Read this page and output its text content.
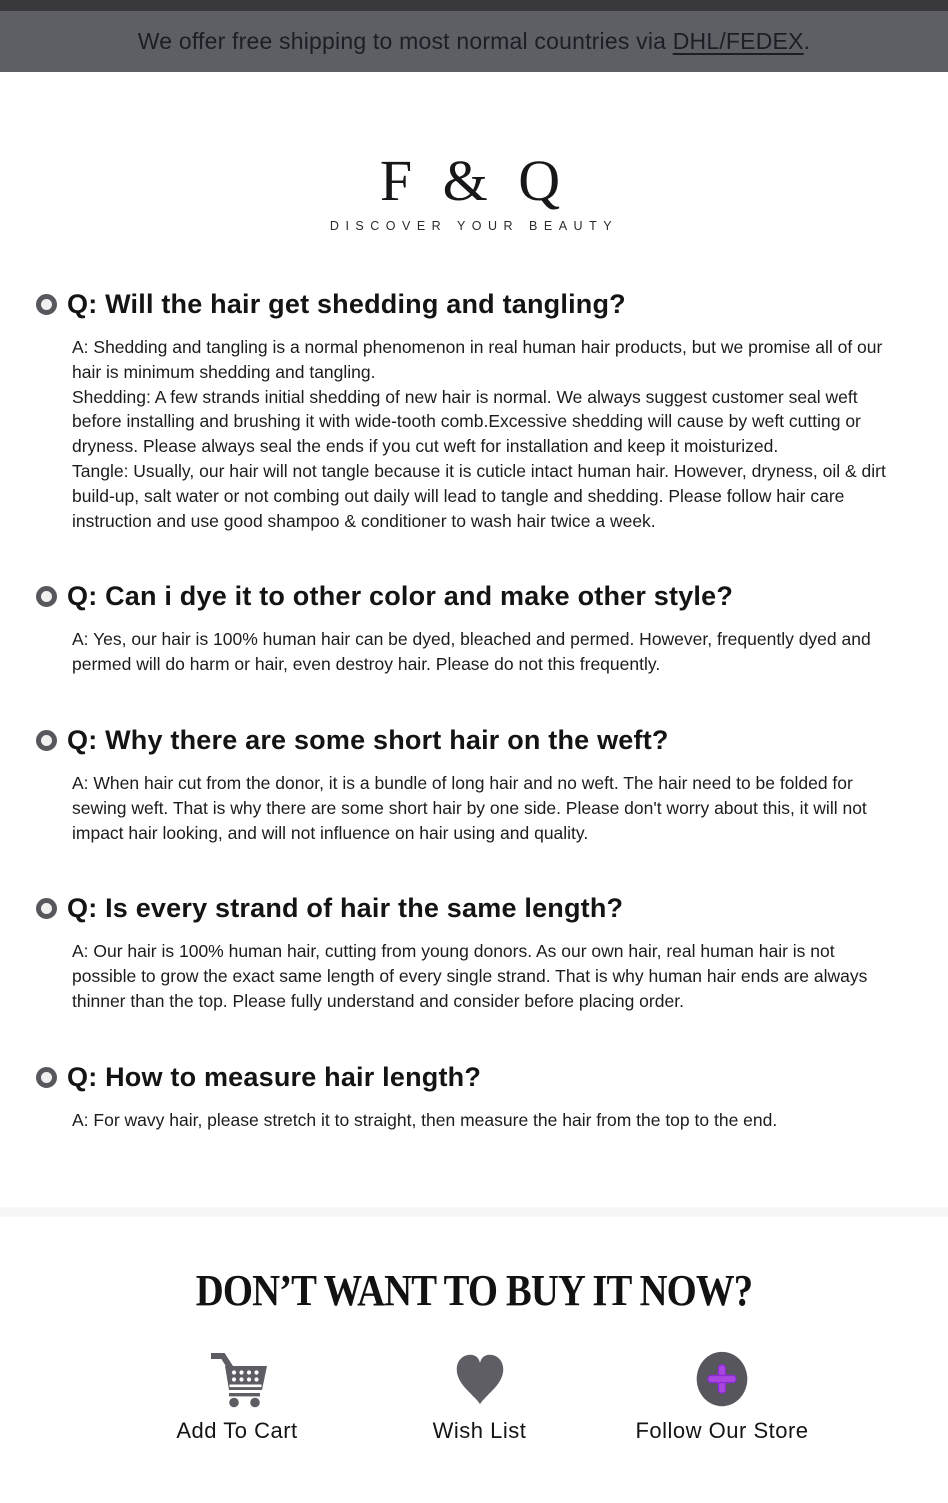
We offer free shipping to most normal countries via DHL/FEDEX.
F & Q
DISCOVER YOUR BEAUTY
Q: Will the hair get shedding and tangling?

A: Shedding and tangling is a normal phenomenon in real human hair products, but we promise all of our hair is minimum shedding and tangling.

Shedding: A few strands initial shedding of new hair is normal. We always suggest customer seal weft before installing and brushing it with wide-tooth comb.Excessive shedding will cause by weft cutting or dryness. Please always seal the ends if you cut weft for installation and keep it moisturized.

Tangle: Usually, our hair will not tangle because it is cuticle intact human hair. However, dryness, oil & dirt build-up, salt water or not combing out daily will lead to tangle and shedding. Please follow hair care instruction and use good shampoo & conditioner to wash hair twice a week.

Q: Can i dye it to other color and make other style?

A: Yes, our hair is 100% human hair can be dyed, bleached and permed. However, frequently dyed and permed will do harm or hair, even destroy hair. Please do not this frequently.

Q: Why there are some short hair on the weft?

A: When hair cut from the donor, it is a bundle of long hair and no weft. The hair need to be folded for sewing weft. That is why there are some short hair by one side. Please don't worry about this, it will not impact hair looking, and will not influence on hair using and quality.

Q: Is every strand of hair the same length?

A: Our hair is 100% human hair, cutting from young donors. As our own hair, real human hair is not possible to grow the exact same length of every single strand. That is why human hair ends are always thinner than the top. Please fully understand and consider before placing order.

Q: How to measure hair length?

A: For wavy hair, please stretch it to straight, then measure the hair from the top to the end.

DON’T WANT TO BUY IT NOW?
Add To Cart	Wish List	Follow Our Store
